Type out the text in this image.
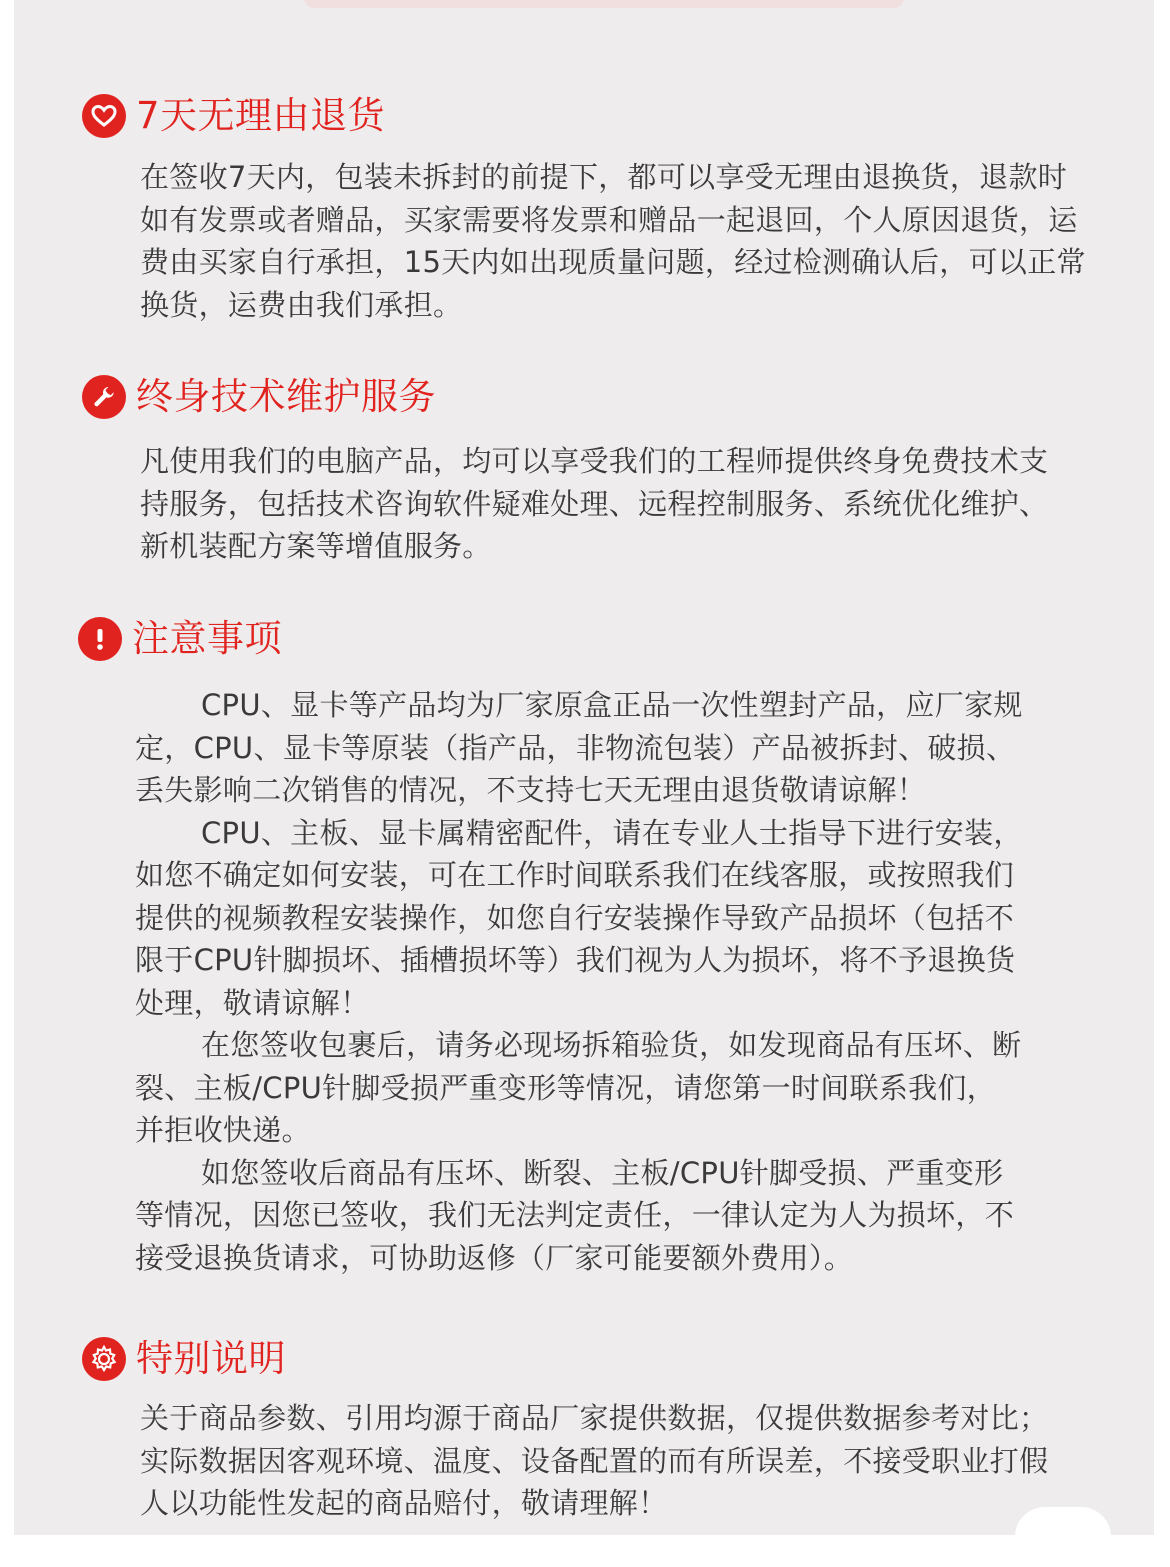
7天无理由退货
在签收7天内，包装未拆封的前提下，都可以享受无理由退换货，退款时
如有发票或者赠品，买家需要将发票和赠品一起退回，个人原因退货，运
费由买家自行承担，15天内如出现质量问题，经过检测确认后，可以正常
换货，运费由我们承担。
终身技术维护服务
凡使用我们的电脑产品，均可以享受我们的工程师提供终身免费技术支
持服务，包括技术咨询软件疑难处理、远程控制服务、系统优化维护、
新机装配方案等增值服务。
注意事项
CPU、显卡等产品均为厂家原盒正品一次性塑封产品，应厂家规
定，CPU、显卡等原装（指产品，非物流包装）产品被拆封、破损、
丢失影响二次销售的情况，不支持七天无理由退货敬请谅解！
CPU、主板、显卡属精密配件，请在专业人士指导下进行安装，
如您不确定如何安装，可在工作时间联系我们在线客服，或按照我们
提供的视频教程安装操作，如您自行安装操作导致产品损坏（包括不
限于CPU针脚损坏、插槽损坏等）我们视为人为损坏，将不予退换货
处理，敬请谅解！
在您签收包裹后，请务必现场拆箱验货，如发现商品有压坏、断
裂、主板/CPU针脚受损严重变形等情况，请您第一时间联系我们，
并拒收快递。
如您签收后商品有压坏、断裂、主板/CPU针脚受损、严重变形
等情况，因您已签收，我们无法判定责任，一律认定为人为损坏，不
接受退换货请求，可协助返修（厂家可能要额外费用）。
特别说明
关于商品参数、引用均源于商品厂家提供数据，仅提供数据参考对比；
实际数据因客观环境、温度、设备配置的而有所误差，不接受职业打假
人以功能性发起的商品赔付，敬请理解！
